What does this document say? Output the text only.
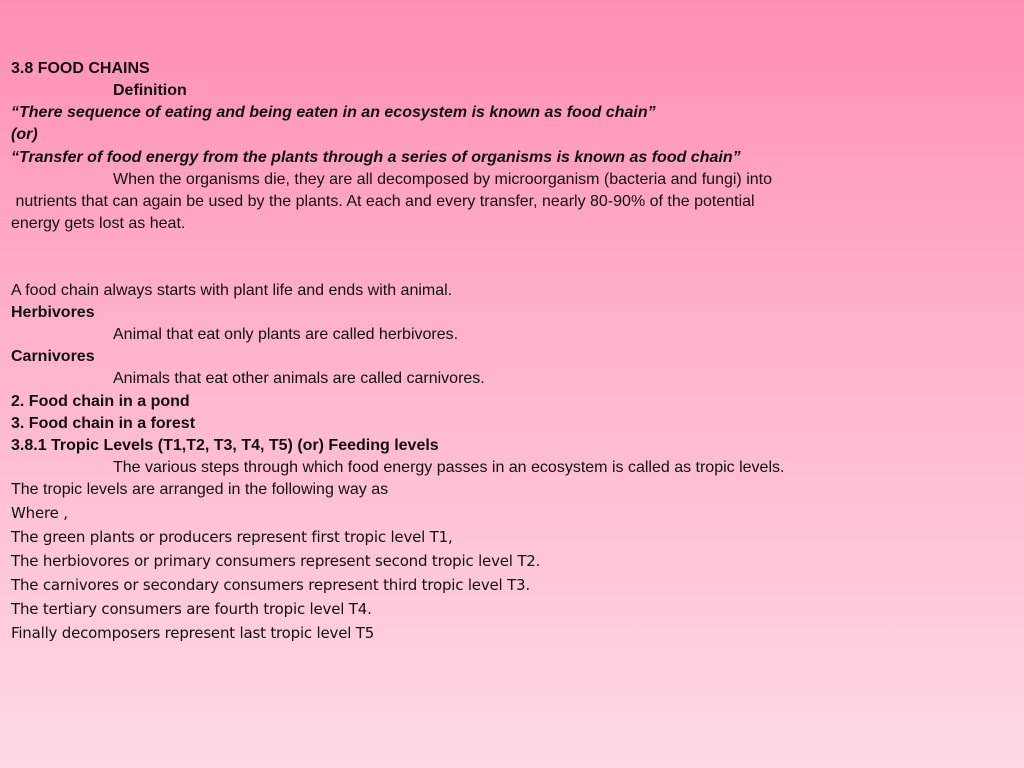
3.8 FOOD CHAINS
Definition
“There sequence of eating and being eaten in an ecosystem is known as food chain”
(or)
“Transfer of food energy from the plants through a series of organisms is known as food chain”
When the organisms die, they are all decomposed by microorganism (bacteria and fungi) into
nutrients that can again be used by the plants. At each and every transfer, nearly 80-90% of the potential
energy gets lost as heat.
A food chain always starts with plant life and ends with animal.
Herbivores
Animal that eat only plants are called herbivores.
Carnivores
Animals that eat other animals are called carnivores.
2. Food chain in a pond
3. Food chain in a forest
3.8.1 Tropic Levels (T1,T2, T3, T4, T5) (or) Feeding levels
The various steps through which food energy passes in an ecosystem is called as tropic levels.
The tropic levels are arranged in the following way as
Where ,
The green plants or producers represent first tropic level T1,
The herbiovores or primary consumers represent second tropic level T2.
The carnivores or secondary consumers represent third tropic level T3.
The tertiary consumers are fourth tropic level T4.
Finally decomposers represent last tropic level T5
